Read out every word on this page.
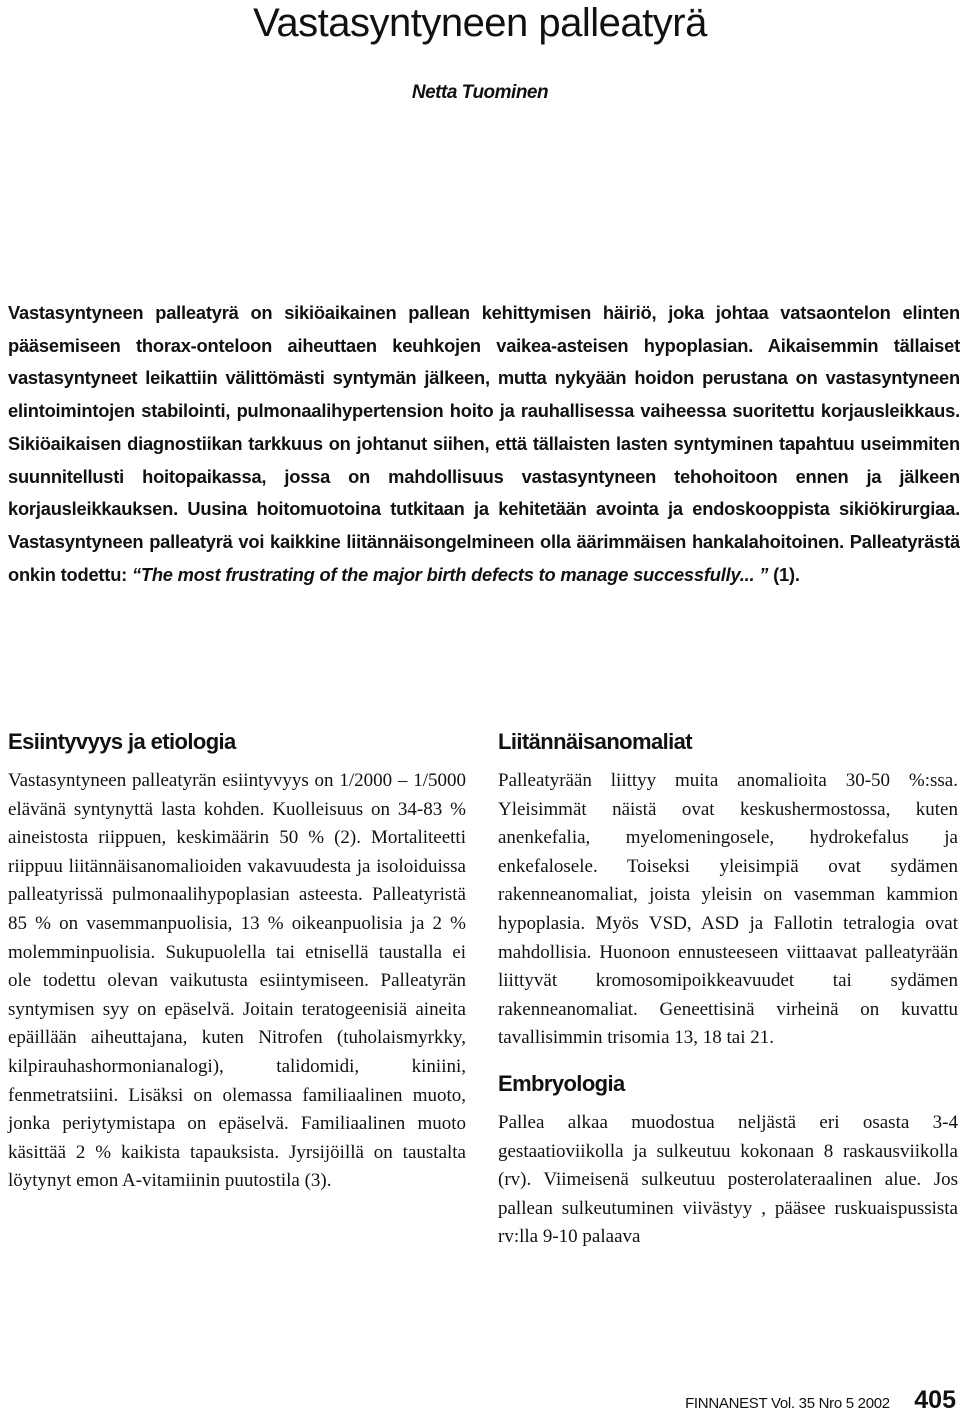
Vastasyntyneen palleatyrä

Netta Tuominen

Vastasyntyneen palleatyrä on sikiöaikainen pallean kehittymisen häiriö, joka johtaa vatsaontelon elinten pääsemiseen thorax-onteloon aiheuttaen keuhkojen vaikea-asteisen hypoplasian. Aikaisemmin tällaiset vastasyntyneet leikattiin välittömästi syntymän jälkeen, mutta nykyään hoidon perustana on vastasyntyneen elintoimintojen stabilointi, pulmonaalihypertension hoito ja rauhallisessa vaiheessa suoritettu korjausleikkaus. Sikiöaikaisen diagnostiikan tarkkuus on johtanut siihen, että tällaisten lasten syntyminen tapahtuu useimmiten suunnitellusti hoitopaikassa, jossa on mahdollisuus vastasyntyneen tehohoitoon ennen ja jälkeen korjausleikkauksen. Uusina hoitomuotoina tutkitaan ja kehitetään avointa ja endoskooppista sikiökirurgiaa. Vastasyntyneen palleatyrä voi kaikkine liitännäisongelmineen olla äärimmäisen hankalahoitoinen. Palleatyrästä onkin todettu: “The most frustrating of the major birth defects to manage successfully... ” (1).

Esiintyvyys ja etiologia

Vastasyntyneen palleatyrän esiintyvyys on 1/2000 – 1/5000 elävänä syntynyttä lasta kohden. Kuolleisuus on 34-83 % aineistosta riippuen, keskimäärin 50 % (2). Mortaliteetti riippuu liitännäisanomalioiden vakavuudesta ja isoloiduissa palleatyrissä pulmonaalihypoplasian asteesta. Palleatyristä 85 % on vasemmanpuolisia, 13 % oikeanpuolisia ja 2 % molemminpuolisia. Sukupuolella tai etnisellä taustalla ei ole todettu olevan vaikutusta esiintymiseen. Palleatyrän syntymisen syy on epäselvä. Joitain teratogeenisiä aineita epäillään aiheuttajana, kuten Nitrofen (tuholaismyrkky, kilpirauhashormonianalogi), talidomidi, kiniini, fenmetratsiini. Lisäksi on olemassa familiaalinen muoto, jonka periytymistapa on epäselvä. Familiaalinen muoto käsittää 2 % kaikista tapauksista. Jyrsijöillä on taustalta löytynyt emon A-vitamiinin puutostila (3).

Liitännäisanomaliat

Palleatyrään liittyy muita anomalioita 30-50 %:ssa. Yleisimmät näistä ovat keskushermostossa, kuten anenkefalia, myelomeningosele, hydrokefalus ja enkefalosele. Toiseksi yleisimpiä ovat sydämen rakenneanomaliat, joista yleisin on vasemman kammion hypoplasia. Myös VSD, ASD ja Fallotin tetralogia ovat mahdollisia. Huonoon ennusteeseen viittaavat palleatyrään liittyvät kromosomipoikkeavuudet tai sydämen rakenneanomaliat. Geneettisinä virheinä on kuvattu tavallisimmin trisomia 13, 18 tai 21.

Embryologia

Pallea alkaa muodostua neljästä eri osasta 3-4 gestaatioviikolla ja sulkeutuu kokonaan 8 raskausviikolla (rv). Viimeisenä sulkeutuu posterolateraalinen alue. Jos pallean sulkeutuminen viivästyy , pääsee ruskuaispussista rv:lla 9-10 palaava

FINNANEST Vol. 35 Nro 5 2002 405
